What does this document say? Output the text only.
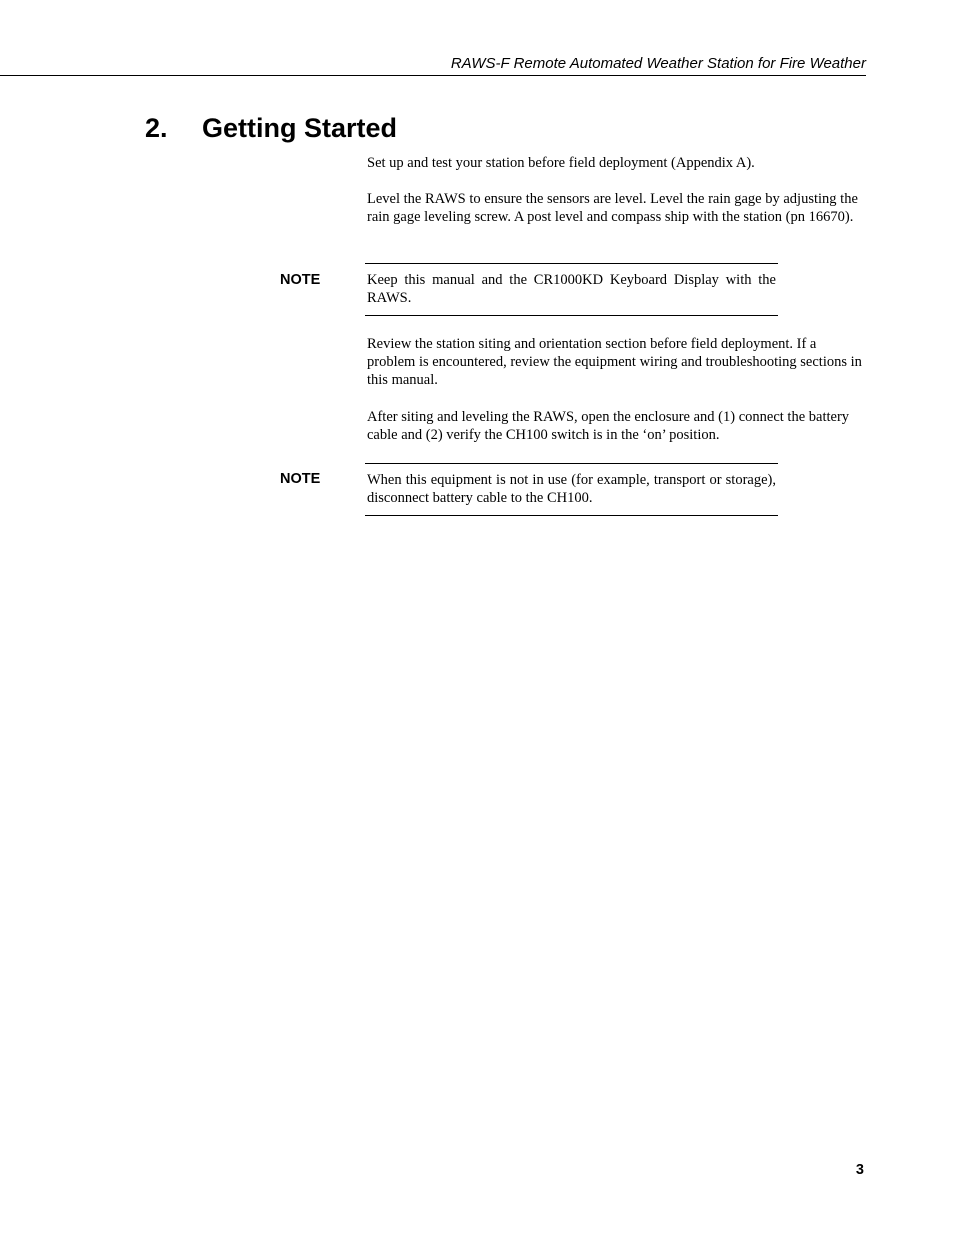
RAWS-F Remote Automated Weather Station for Fire Weather
2. Getting Started

Set up and test your station before field deployment (Appendix A).

Level the RAWS to ensure the sensors are level. Level the rain gage by adjusting the rain gage leveling screw. A post level and compass ship with the station (pn 16670).

NOTE	Keep this manual and the CR1000KD Keyboard Display with the RAWS.

Review the station siting and orientation section before field deployment. If a problem is encountered, review the equipment wiring and troubleshooting sections in this manual.

After siting and leveling the RAWS, open the enclosure and (1) connect the battery cable and (2) verify the CH100 switch is in the ‘on’ position.

NOTE	When this equipment is not in use (for example, transport or storage), disconnect battery cable to the CH100.

3
